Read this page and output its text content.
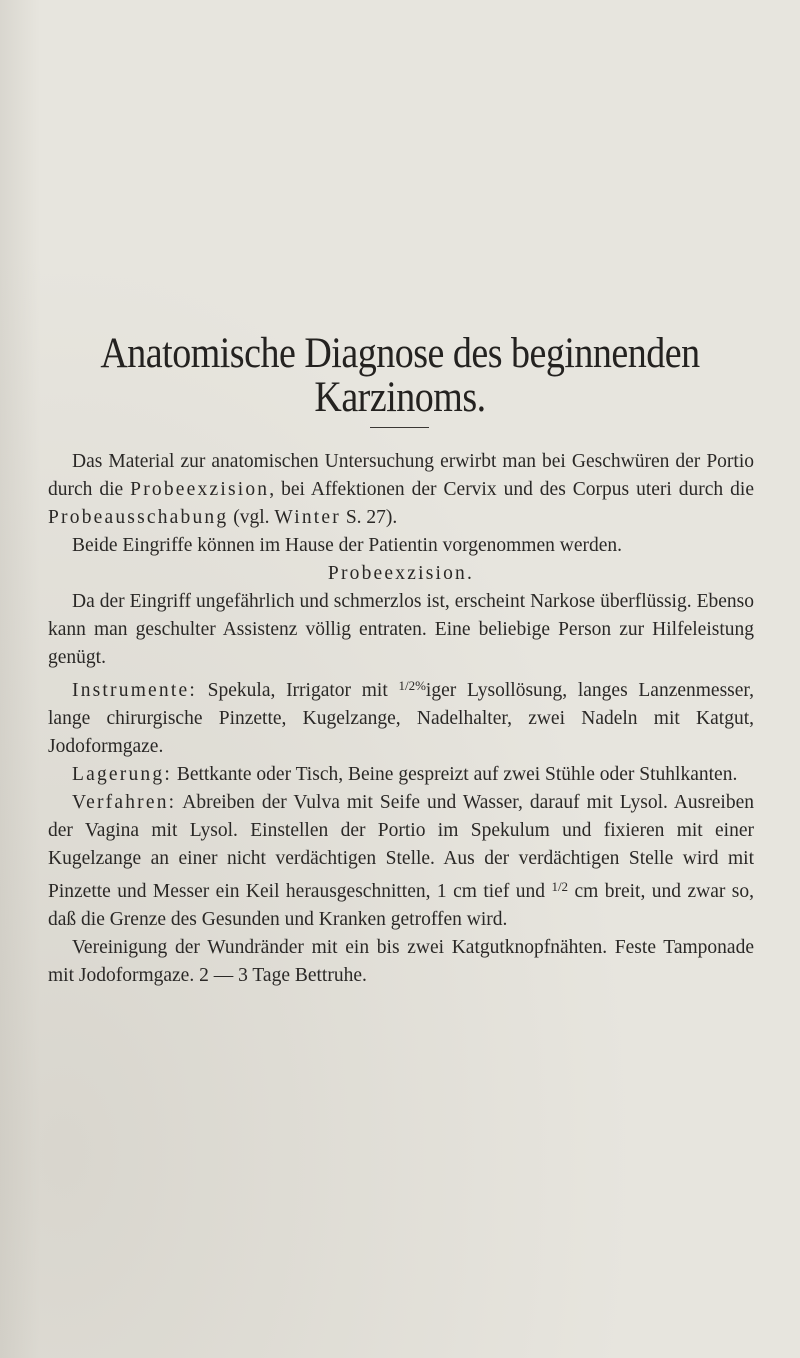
Anatomische Diagnose des beginnenden
Karzinoms.

Das Material zur anatomischen Untersuchung erwirbt man bei Geschwüren der Portio durch die Probeexzision, bei Affektionen der Cervix und des Corpus uteri durch die Probeausschabung (vgl. Winter S. 27).

Beide Eingriffe können im Hause der Patientin vorgenommen werden.

Probeexzision.

Da der Eingriff ungefährlich und schmerzlos ist, erscheint Narkose überflüssig. Ebenso kann man geschulter Assistenz völlig entraten. Eine beliebige Person zur Hilfeleistung genügt.

Instrumente: Spekula, Irrigator mit $^{1/2\%}$iger Lysollösung, langes Lanzenmesser, lange chirurgische Pinzette, Kugelzange, Nadelhalter, zwei Nadeln mit Katgut, Jodoformgaze.

Lagerung: Bettkante oder Tisch, Beine gespreizt auf zwei Stühle oder Stuhlkanten.

Verfahren: Abreiben der Vulva mit Seife und Wasser, darauf mit Lysol. Ausreiben der Vagina mit Lysol. Einstellen der Portio im Spekulum und fixieren mit einer Kugelzange an einer nicht verdächtigen Stelle. Aus der verdächtigen Stelle wird mit Pinzette und Messer ein Keil herausgeschnitten, 1 cm tief und $^{1/2}$ cm breit, und zwar so, daß die Grenze des Gesunden und Kranken getroffen wird.

Vereinigung der Wundränder mit ein bis zwei Katgutknopfnähten. Feste Tamponade mit Jodoformgaze. 2 — 3 Tage Bettruhe.
